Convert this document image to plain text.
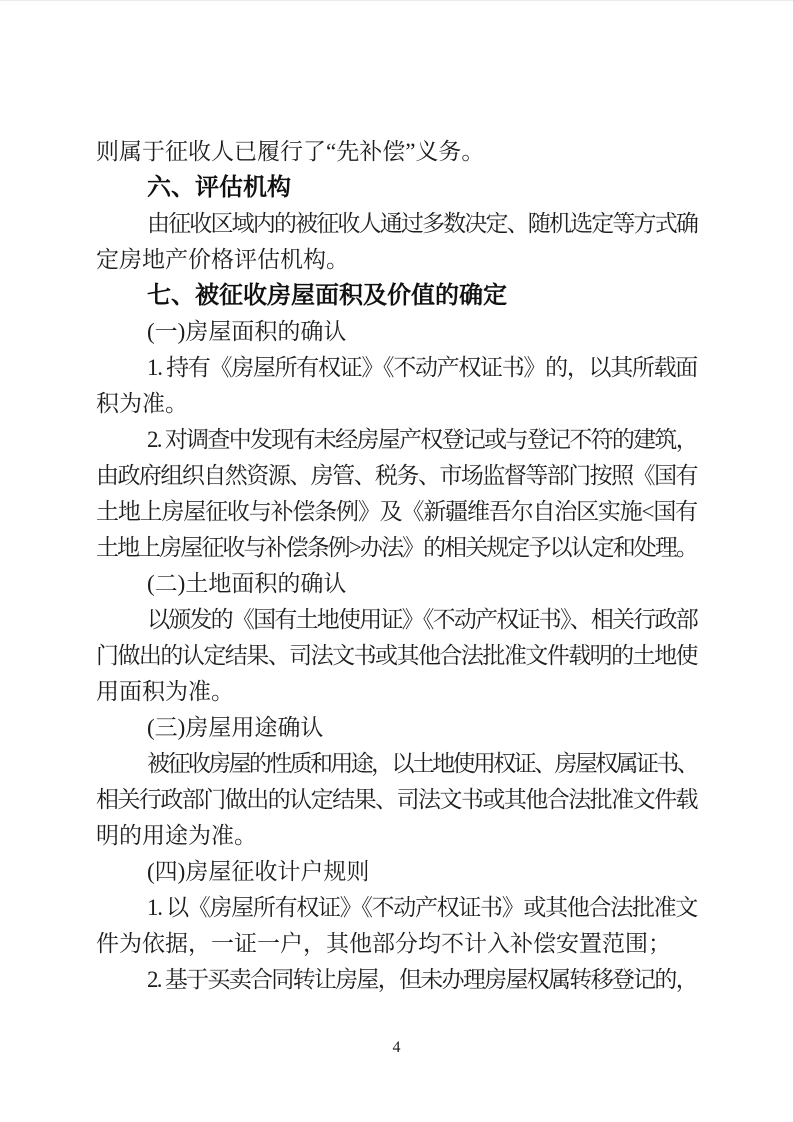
则属于征收人已履行了“先补偿”义务。
六、评估机构
由征收区域内的被征收人通过多数决定、随机选定等方式确
定房地产价格评估机构。
七、被征收房屋面积及价值的确定
(一)房屋面积的确认
1. 持有《房屋所有权证》《不动产权证书》的，以其所载面
积为准。
2. 对调查中发现有未经房屋产权登记或与登记不符的建筑，
由政府组织自然资源、房管、税务、市场监督等部门按照《国有
土地上房屋征收与补偿条例》及《新疆维吾尔自治区实施<国有
土地上房屋征收与补偿条例>办法》的相关规定予以认定和处理。
(二)土地面积的确认
以颁发的《国有土地使用证》《不动产权证书》、相关行政部
门做出的认定结果、司法文书或其他合法批准文件载明的土地使
用面积为准。
(三)房屋用途确认
被征收房屋的性质和用途，以土地使用权证、房屋权属证书、
相关行政部门做出的认定结果、司法文书或其他合法批准文件载
明的用途为准。
(四)房屋征收计户规则
1. 以《房屋所有权证》《不动产权证书》或其他合法批准文
件为依据，一证一户，其他部分均不计入补偿安置范围；
2. 基于买卖合同转让房屋，但未办理房屋权属转移登记的，
4
